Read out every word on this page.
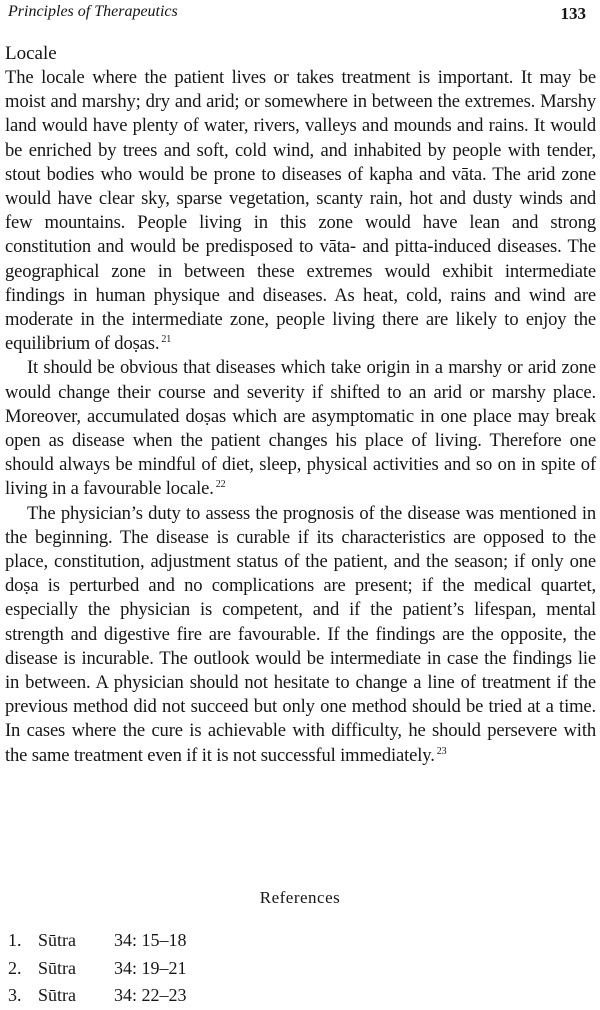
Principles of Therapeutics	133
Locale

The locale where the patient lives or takes treatment is important. It may be moist and marshy; dry and arid; or somewhere in between the extremes. Marshy land would have plenty of water, rivers, valleys and mounds and rains. It would be enriched by trees and soft, cold wind, and inhabited by people with tender, stout bodies who would be prone to diseases of kapha and vāta. The arid zone would have clear sky, sparse vegetation, scanty rain, hot and dusty winds and few mountains. People living in this zone would have lean and strong constitution and would be predisposed to vāta- and pitta-induced diseases. The geographical zone in between these extremes would exhibit intermediate findings in human physique and diseases. As heat, cold, rains and wind are moderate in the intermediate zone, people living there are likely to enjoy the equilibrium of doṣas. $^{21}$

It should be obvious that diseases which take origin in a marshy or arid zone would change their course and severity if shifted to an arid or marshy place. Moreover, accumulated doṣas which are asymptomatic in one place may break open as disease when the patient changes his place of living. Therefore one should always be mindful of diet, sleep, physical activities and so on in spite of living in a favourable locale. $^{22}$

The physician’s duty to assess the prognosis of the disease was mentioned in the beginning. The disease is curable if its characteristics are opposed to the place, constitution, adjustment status of the patient, and the season; if only one doṣa is perturbed and no complications are present; if the medical quartet, especially the physician is competent, and if the patient’s lifespan, mental strength and digestive fire are favourable. If the findings are the opposite, the disease is incurable. The outlook would be intermediate in case the findings lie in between. A physician should not hesitate to change a line of treatment if the previous method did not succeed but only one method should be tried at a time. In cases where the cure is achievable with difficulty, he should persevere with the same treatment even if it is not successful immediately. $^{23}$

References
1. Sūtra	34: 15–18
2. Sūtra	34: 19–21
3. Sūtra	34: 22–23
